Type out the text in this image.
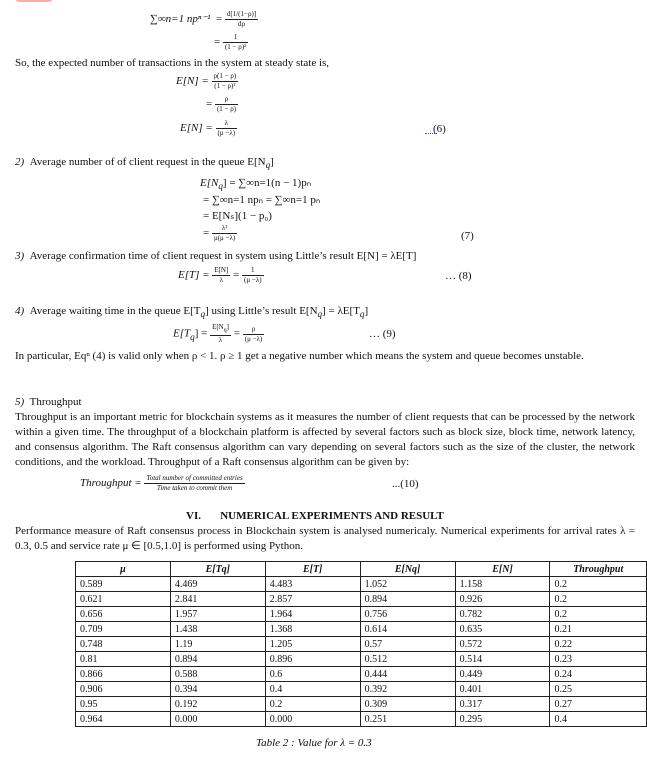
∑∞n=1 $np^{n-1} = \frac{d[1/(1-\rho)]}{d\rho}$
= $\frac{1}{\text{(1 − ρ)²}}$
So, the expected number of transactions in the system at steady state is,
$E[N] = \frac{\rho(1 - \rho)}{\text{(1 − ρ)²}}$
= $\frac{\rho}{(1 - \rho)}$
$E[N] = \frac{\lambda}{(\mu -\lambda)}$	(6)
2) Average number of of client request in the queue $E[N_q]$
$E[N_q] = \sum\infty n=1(n - 1)p_n$
= ∑∞n=1 npₙ = ∑∞n=1 pₙ
= E[Nₛ](1 − p₀)
= $\frac{\text{λ²}}{\mu(\mu -\lambda)}$	(7)
3) Average confirmation time of client request in system using Little’s result E[N] = λE[T]
$E[T] = \frac{E[N]}{\lambda} = \frac{1}{(\mu -\lambda)}$	… (8)
4) Average waiting time in the queue $E[T_q]$ using Little’s result $E[N_q] = \lambda E[T_q]$
$E[T_q] = \frac{E[N_q]}{\lambda} = \frac{\rho}{(\mu -\lambda)}$	… (9)
In particular, Eqⁿ (4) is valid only when ρ < 1. ρ ≥ 1 get a negative number which means the system and queue becomes unstable.
5) Throughput
Throughput is an important metric for blockchain systems as it measures the number of client requests that can be processed by the network within a given time. The throughput of a blockchain platform is affected by several factors such as block size, block time, network latency, and consensus algorithm. The Raft consensus algorithm can vary depending on several factors such as the size of the cluster, the network conditions, and the workload. Throughput of a Raft consensus algorithm can be given by:
Throughput = $\frac{\text{Total number of committed entries}}{\text{Time taken to commit them}}$	...(10)
VI. NUMERICAL EXPERIMENTS AND RESULT
Performance measure of Raft consensus process in Blockchain system is analysed numericaly. Numerical experiments for arrival rates λ = 0.3, 0.5 and service rate μ ∈ [0.5,1.0] is performed using Python.
μ	E[Tq]	E[T]	E[Nq]	E[N]	Throughput
0.589	4.469	4.483	1.052	1.158	0.2
0.621	2.841	2.857	0.894	0.926	0.2
0.656	1.957	1.964	0.756	0.782	0.2
0.709	1.438	1.368	0.614	0.635	0.21
0.748	1.19	1.205	0.57	0.572	0.22
0.81	0.894	0.896	0.512	0.514	0.23
0.866	0.588	0.6	0.444	0.449	0.24
0.906	0.394	0.4	0.392	0.401	0.25
0.95	0.192	0.2	0.309	0.317	0.27
0.964	0.000	0.000	0.251	0.295	0.4
Table 2 : Value for λ = 0.3
